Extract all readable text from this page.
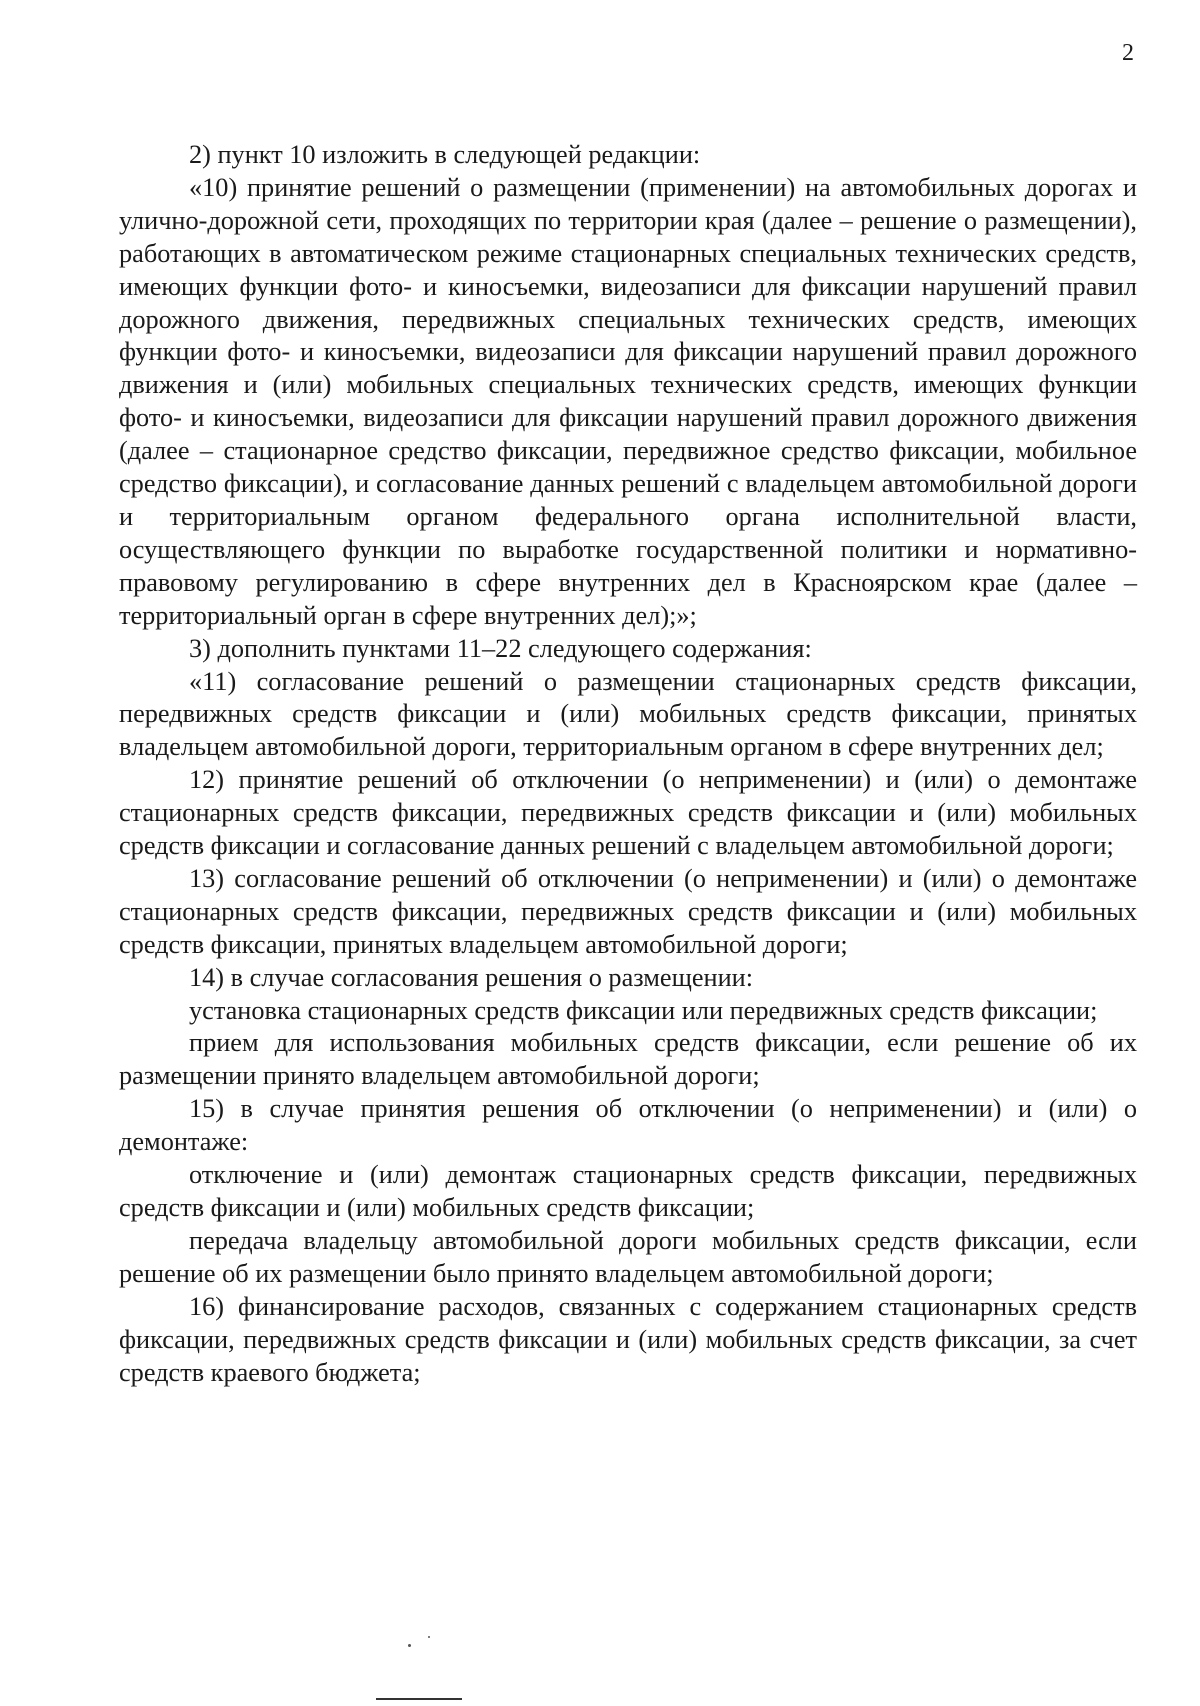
2

2) пункт 10 изложить в следующей редакции:

«10) принятие решений о размещении (применении) на автомобильных дорогах и улично-дорожной сети, проходящих по территории края (далее – решение о размещении), работающих в автоматическом режиме стационарных специальных технических средств, имеющих функции фото- и киносъемки, видеозаписи для фиксации нарушений правил дорожного движения, передвижных специальных технических средств, имеющих функции фото- и киносъемки, видеозаписи для фиксации нарушений правил дорожного движения и (или) мобильных специальных технических средств, имеющих функции фото- и киносъемки, видеозаписи для фиксации нарушений правил дорожного движения (далее – стационарное средство фиксации, передвижное средство фиксации, мобильное средство фиксации), и согласование данных решений с владельцем автомобильной дороги и территориальным органом федерального органа исполнительной власти, осуществляющего функции по выработке государственной политики и нормативно-правовому регулированию в сфере внутренних дел в Красноярском крае (далее – территориальный орган в сфере внутренних дел);»;

3) дополнить пунктами 11–22 следующего содержания:

«11) согласование решений о размещении стационарных средств фиксации, передвижных средств фиксации и (или) мобильных средств фиксации, принятых владельцем автомобильной дороги, территориальным органом в сфере внутренних дел;

12) принятие решений об отключении (о неприменении) и (или) о демонтаже стационарных средств фиксации, передвижных средств фиксации и (или) мобильных средств фиксации и согласование данных решений с владельцем автомобильной дороги;

13) согласование решений об отключении (о неприменении) и (или) о демонтаже стационарных средств фиксации, передвижных средств фиксации и (или) мобильных средств фиксации, принятых владельцем автомобильной дороги;

14) в случае согласования решения о размещении:

установка стационарных средств фиксации или передвижных средств фиксации;

прием для использования мобильных средств фиксации, если решение об их размещении принято владельцем автомобильной дороги;

15) в случае принятия решения об отключении (о неприменении) и (или) о демонтаже:

отключение и (или) демонтаж стационарных средств фиксации, передвижных средств фиксации и (или) мобильных средств фиксации;

передача владельцу автомобильной дороги мобильных средств фиксации, если решение об их размещении было принято владельцем автомобильной дороги;

16) финансирование расходов, связанных с содержанием стационарных средств фиксации, передвижных средств фиксации и (или) мобильных средств фиксации, за счет средств краевого бюджета;
